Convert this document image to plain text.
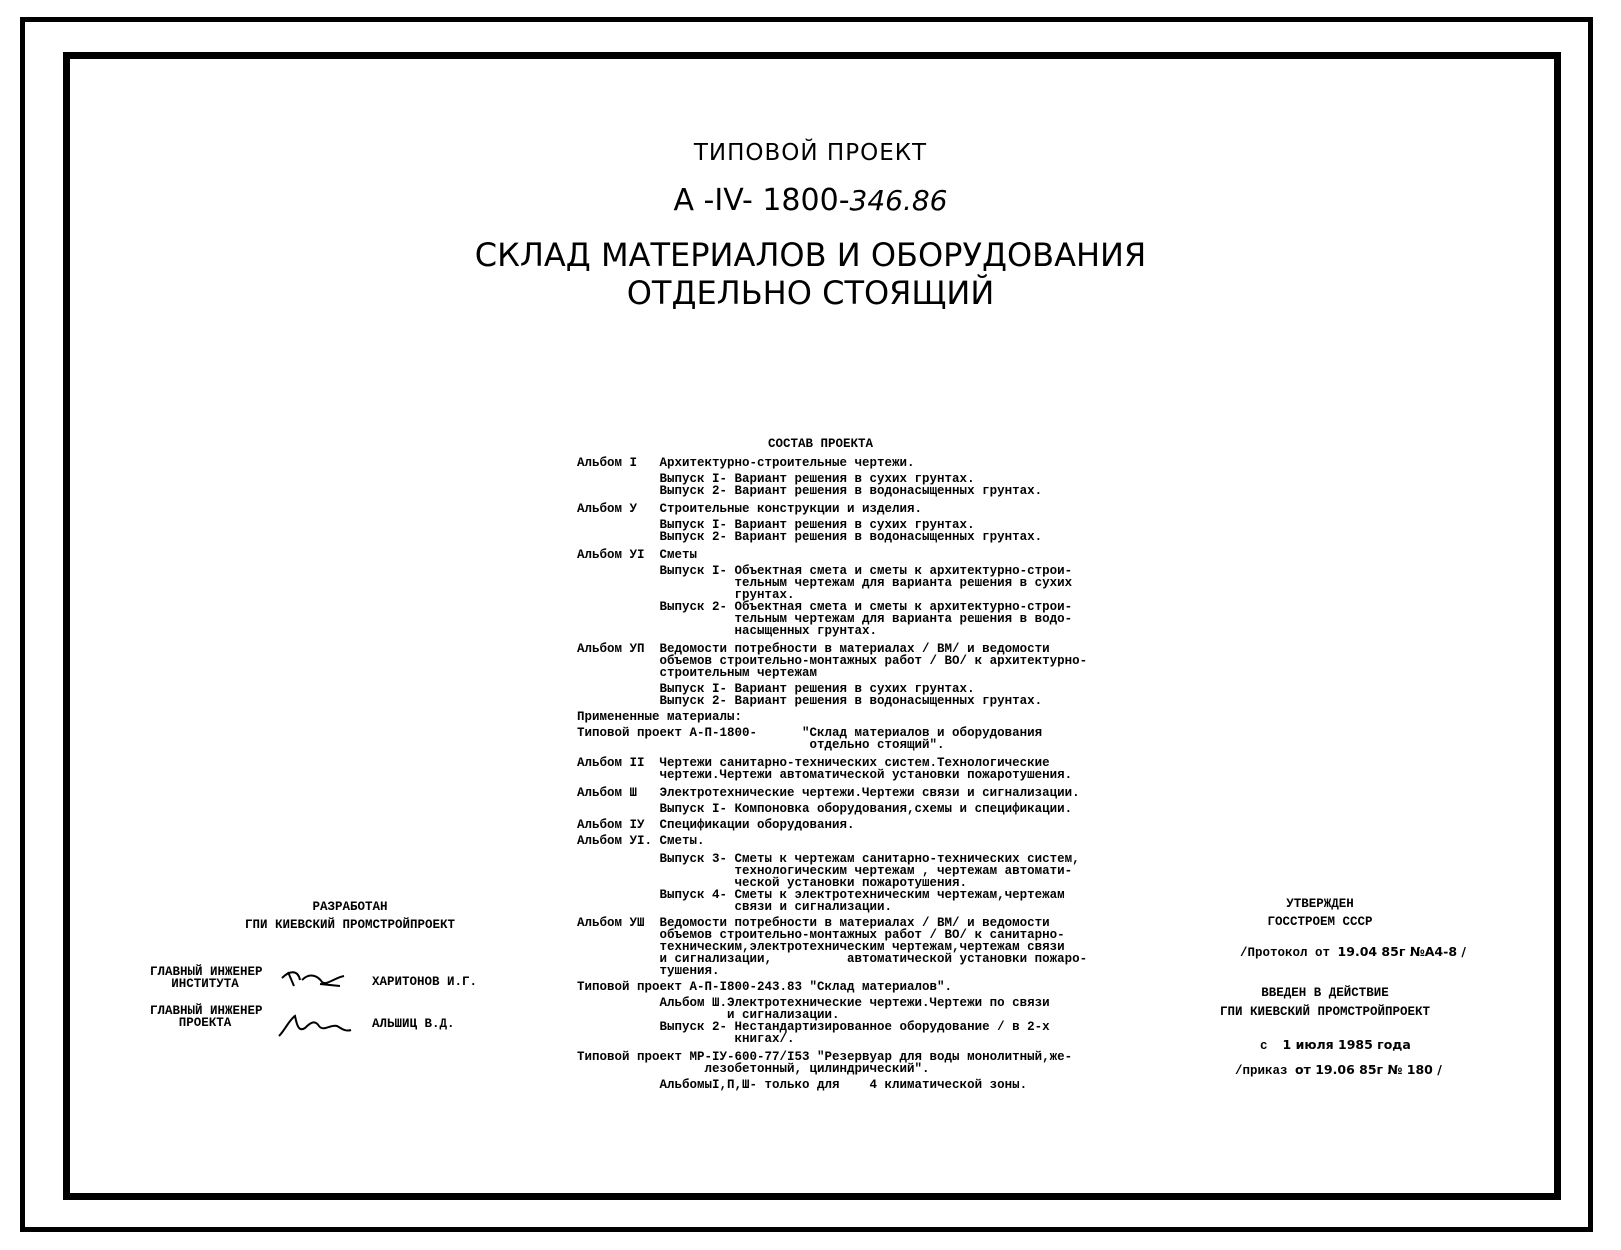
ТИПОВОЙ ПРОЕКТ
А -IV- 1800-346.86
СКЛАД МАТЕРИАЛОВ И ОБОРУДОВАНИЯ
ОТДЕЛЬНО СТОЯЩИЙ
СОСТАВ ПРОЕКТА
Альбом I   Архитектурно-строительные чертежи.
Выпуск I- Вариант решения в сухих грунтах.
Выпуск 2- Вариант решения в водонасыщенных грунтах.
Альбом У   Строительные конструкции и изделия.
Выпуск I- Вариант решения в сухих грунтах.
Выпуск 2- Вариант решения в водонасыщенных грунтах.
Альбом УI  Сметы
Выпуск I- Объектная смета и сметы к архитектурно-строи-
тельным чертежам для варианта решения в сухих
грунтах.
Выпуск 2- Объектная смета и сметы к архитектурно-строи-
тельным чертежам для варианта решения в водо-
насыщенных грунтах.
Альбом УП  Ведомости потребности в материалах / ВМ/ и ведомости
объемов строительно-монтажных работ / ВО/ к архитектурно-
строительным чертежам
Выпуск I- Вариант решения в сухих грунтах.
Выпуск 2- Вариант решения в водонасыщенных грунтах.
Примененные материалы:
Типовой проект А-П-1800-      "Склад материалов и оборудования
отдельно стоящий".
Альбом II  Чертежи санитарно-технических систем.Технологические
чертежи.Чертежи автоматической установки пожаротушения.
Альбом Ш   Электротехнические чертежи.Чертежи связи и сигнализации.
Выпуск I- Компоновка оборудования,схемы и спецификации.
Альбом IУ  Спецификации оборудования.
Альбом УI. Сметы.
Выпуск 3- Сметы к чертежам санитарно-технических систем,
технологическим чертежам , чертежам автомати-
ческой установки пожаротушения.
Выпуск 4- Сметы к электротехническим чертежам,чертежам
связи и сигнализации.
Альбом УШ  Ведомости потребности в материалах / ВМ/ и ведомости
объемов строительно-монтажных работ / ВО/ к санитарно-
техническим,электротехническим чертежам,чертежам связи
и сигнализации,          автоматической установки пожаро-
тушения.
Типовой проект А-П-I800-243.83 "Склад материалов".
Альбом Ш.Электротехнические чертежи.Чертежи по связи
и сигнализации.
Выпуск 2- Нестандартизированное оборудование / в 2-х
книгах/.
Типовой проект МР-IУ-600-77/I53 "Резервуар для воды монолитный,же-
лезобетонный, цилиндрический".
АльбомыI,П,Ш- только для    4 климатической зоны.
РАЗРАБОТАН
ГПИ КИЕВСКИЙ ПРОМСТРОЙПРОЕКТ
ГЛАВНЫЙ ИНЖЕНЕР
ИНСТИТУТА	ХАРИТОНОВ И.Г.
ГЛАВНЫЙ ИНЖЕНЕР
ПРОЕКТА	АЛЬШИЦ В.Д.
УТВЕРЖДЕН
ГОССТРОЕМ СССР

/Протокол от 19.04 85г №А4-8 /

ВВЕДЕН В ДЕЙСТВИЕ
ГПИ КИЕВСКИЙ ПРОМСТРОЙПРОЕКТ

с 1 июля 1985 года

/приказ от 19.06 85г № 180 /
